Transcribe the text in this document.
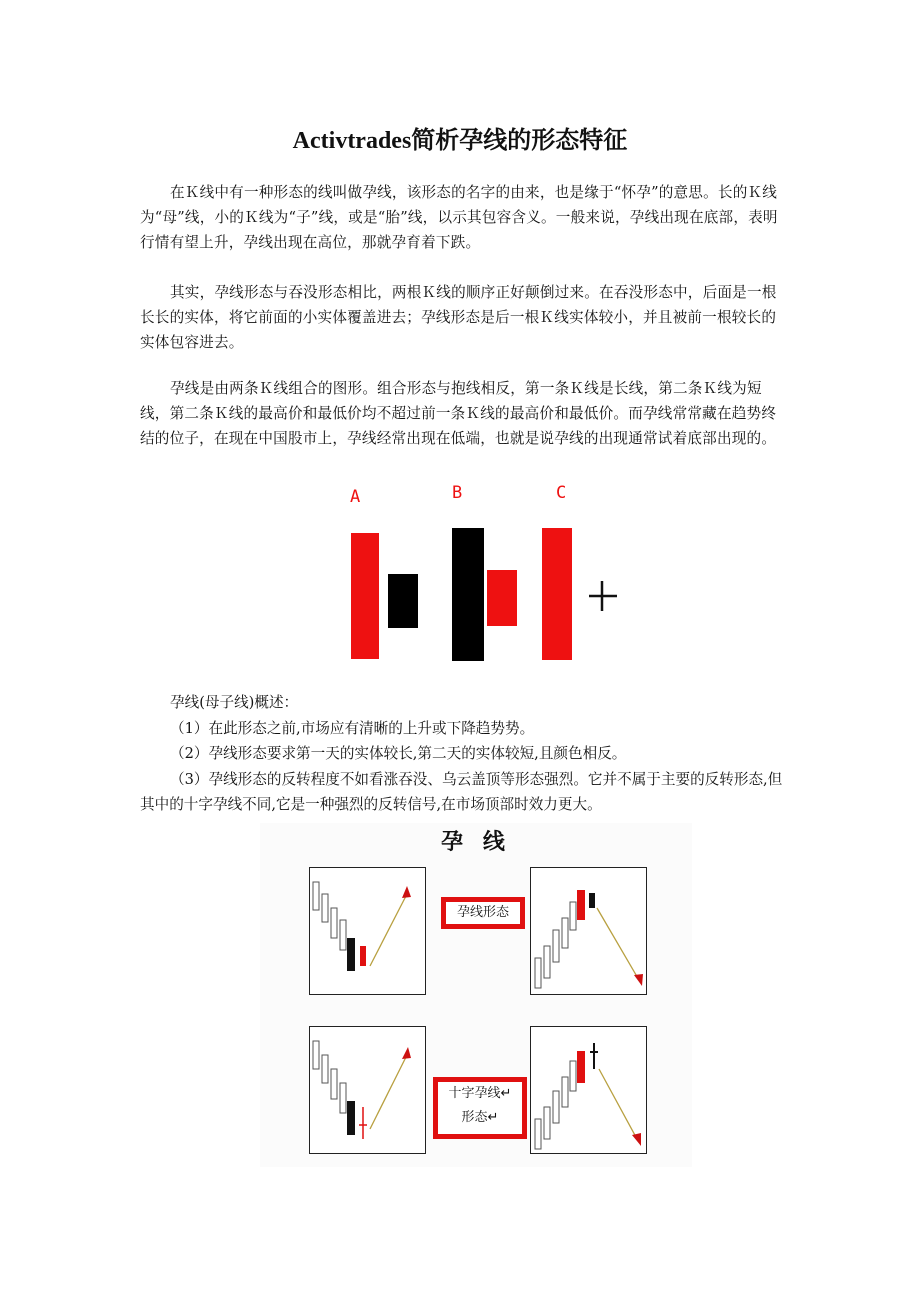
Activtrades简析孕线的形态特征

在Ｋ线中有一种形态的线叫做孕线，该形态的名字的由来，也是缘于“怀孕”的意思。长的Ｋ线为“母”线，小的Ｋ线为“子”线，或是“胎”线，以示其包容含义。一般来说，孕线出现在底部，表明行情有望上升，孕线出现在高位，那就孕育着下跌。

其实，孕线形态与吞没形态相比，两根Ｋ线的顺序正好颠倒过来。在吞没形态中，后面是一根长长的实体，将它前面的小实体覆盖进去；孕线形态是后一根Ｋ线实体较小，并且被前一根较长的实体包容进去。

孕线是由两条Ｋ线组合的图形。组合形态与抱线相反，第一条Ｋ线是长线，第二条Ｋ线为短线，第二条Ｋ线的最高价和最低价均不超过前一条Ｋ线的最高价和最低价。而孕线常常藏在趋势终结的位子，在现在中国股市上，孕线经常出现在低端，也就是说孕线的出现通常试着底部出现的。

A	B	C
孕线(母子线)概述：
（1）在此形态之前,市场应有清晰的上升或下降趋势势。
（2）孕线形态要求第一天的实体较长,第二天的实体较短,且颜色相反。
（3）孕线形态的反转程度不如看涨吞没、乌云盖顶等形态强烈。它并不属于主要的反转形态,但其中的十字孕线不同,它是一种强烈的反转信号,在市场顶部时效力更大。
孕 线
孕线形态
十字孕线↵
形态↵
